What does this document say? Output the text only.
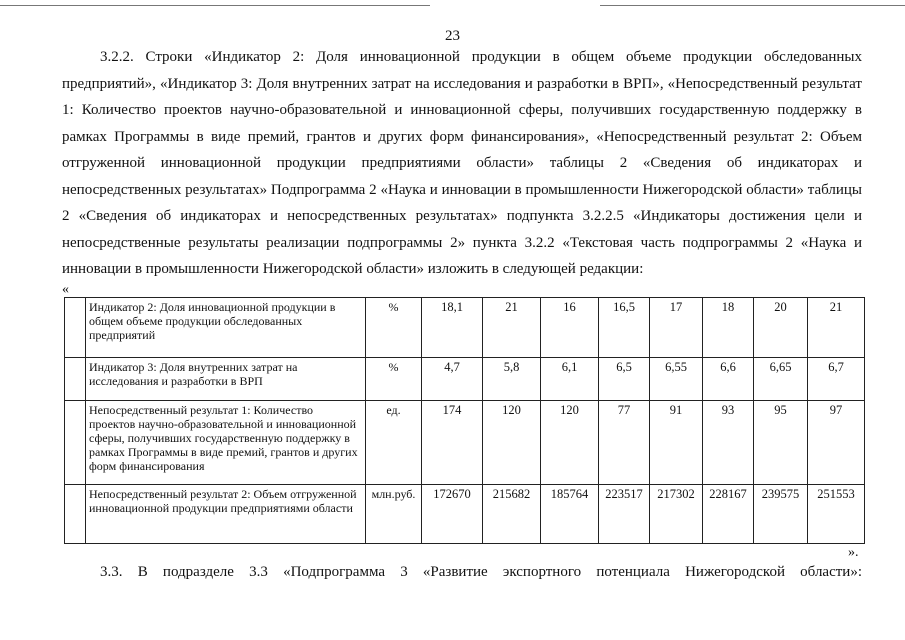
23

3.2.2. Строки «Индикатор 2: Доля инновационной продукции в общем объеме продукции обследованных предприятий», «Индикатор 3: Доля внутренних затрат на исследования и разработки в ВРП», «Непосредственный результат 1: Количество проектов научно-образовательной и инновационной сферы, получивших государственную поддержку в рамках Программы в виде премий, грантов и других форм финансирования», «Непосредственный результат 2: Объем отгруженной инновационной продукции предприятиями области» таблицы 2 «Сведения об индикаторах и непосредственных результатах» Подпрограмма 2 «Наука и инновации в промышленности Нижегородской области» таблицы 2 «Сведения об индикаторах и непосредственных результатах» подпункта 3.2.2.5 «Индикаторы достижения цели и непосредственные результаты реализации подпрограммы 2» пункта 3.2.2 «Текстовая часть подпрограммы 2 «Наука и инновации в промышленности Нижегородской области» изложить в следующей редакции:

«
	Индикатор 2: Доля инновационной продукции в общем объеме продукции обследованных предприятий	%	18,1	21	16	16,5	17	18	20	21
	Индикатор 3: Доля внутренних затрат на исследования и разработки в ВРП	%	4,7	5,8	6,1	6,5	6,55	6,6	6,65	6,7
	Непосредственный результат 1: Количество проектов научно-образовательной и инновационной сферы, получивших государственную поддержку в рамках Программы в виде премий, грантов и других форм финансирования	ед.	174	120	120	77	91	93	95	97
	Непосредственный результат 2: Объем отгруженной инновационной продукции предприятиями области	млн.руб.	172670	215682	185764	223517	217302	228167	239575	251553
».

3.3. В подразделе 3.3 «Подпрограмма 3 «Развитие экспортного потенциала Нижегородской области»:
